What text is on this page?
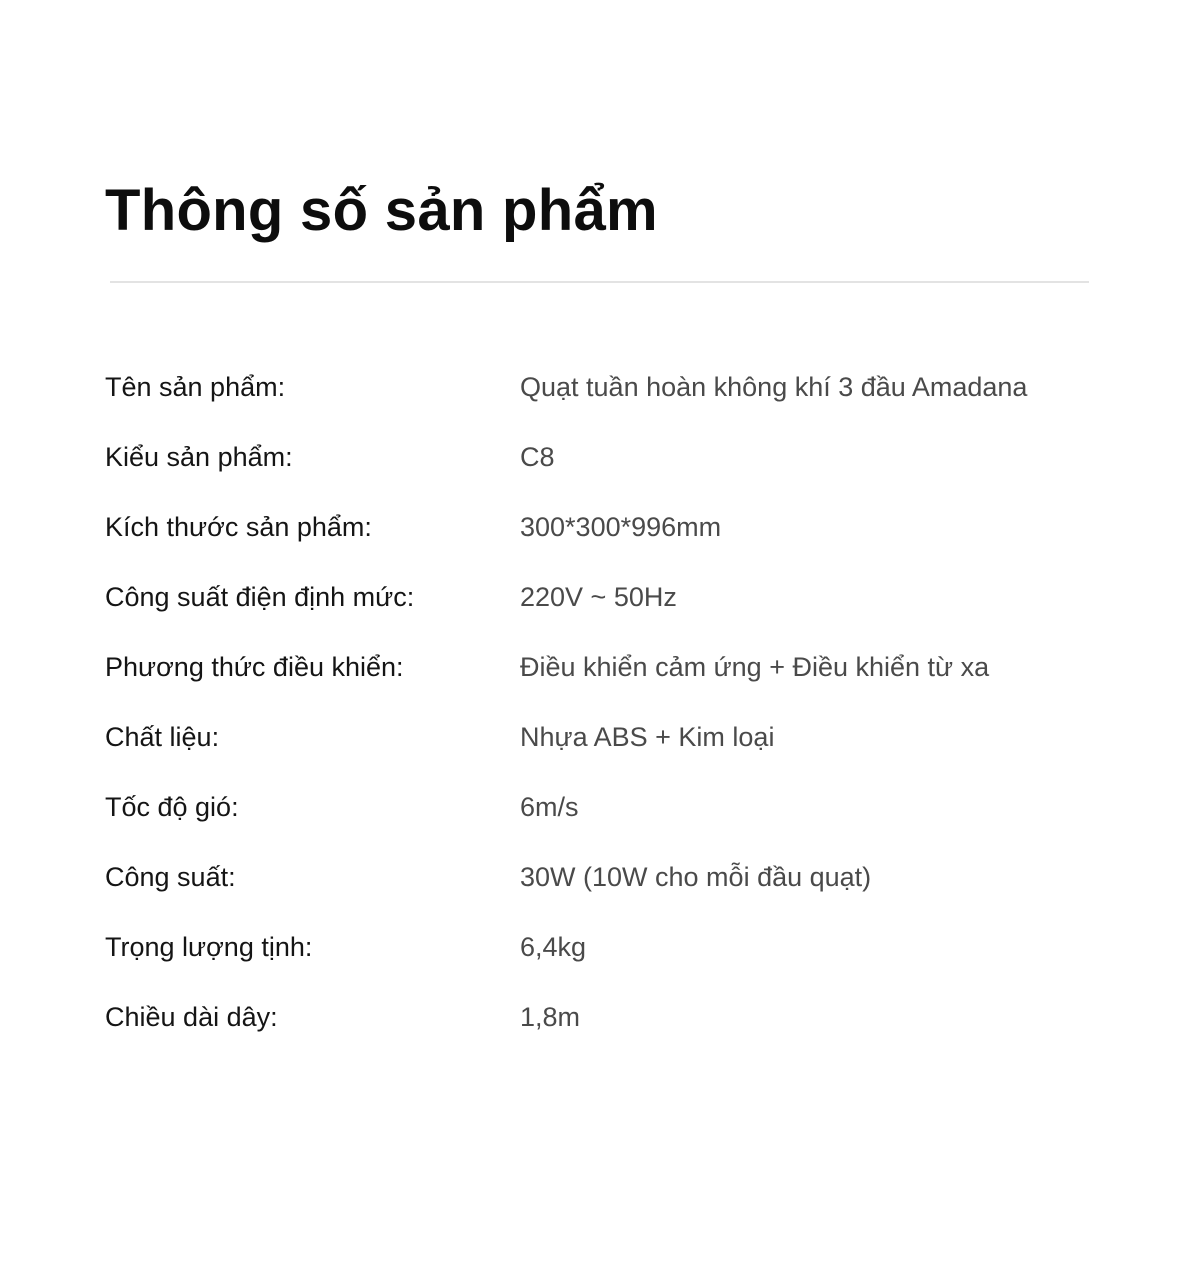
Thông số sản phẩm
Tên sản phẩm:	Quạt tuần hoàn không khí 3 đầu Amadana
Kiểu sản phẩm:	C8
Kích thước sản phẩm:	300*300*996mm
Công suất điện định mức:	220V ~ 50Hz
Phương thức điều khiển:	Điều khiển cảm ứng + Điều khiển từ xa
Chất liệu:	Nhựa ABS + Kim loại
Tốc độ gió:	6m/s
Công suất:	30W (10W cho mỗi đầu quạt)
Trọng lượng tịnh:	6,4kg
Chiều dài dây:	1,8m
